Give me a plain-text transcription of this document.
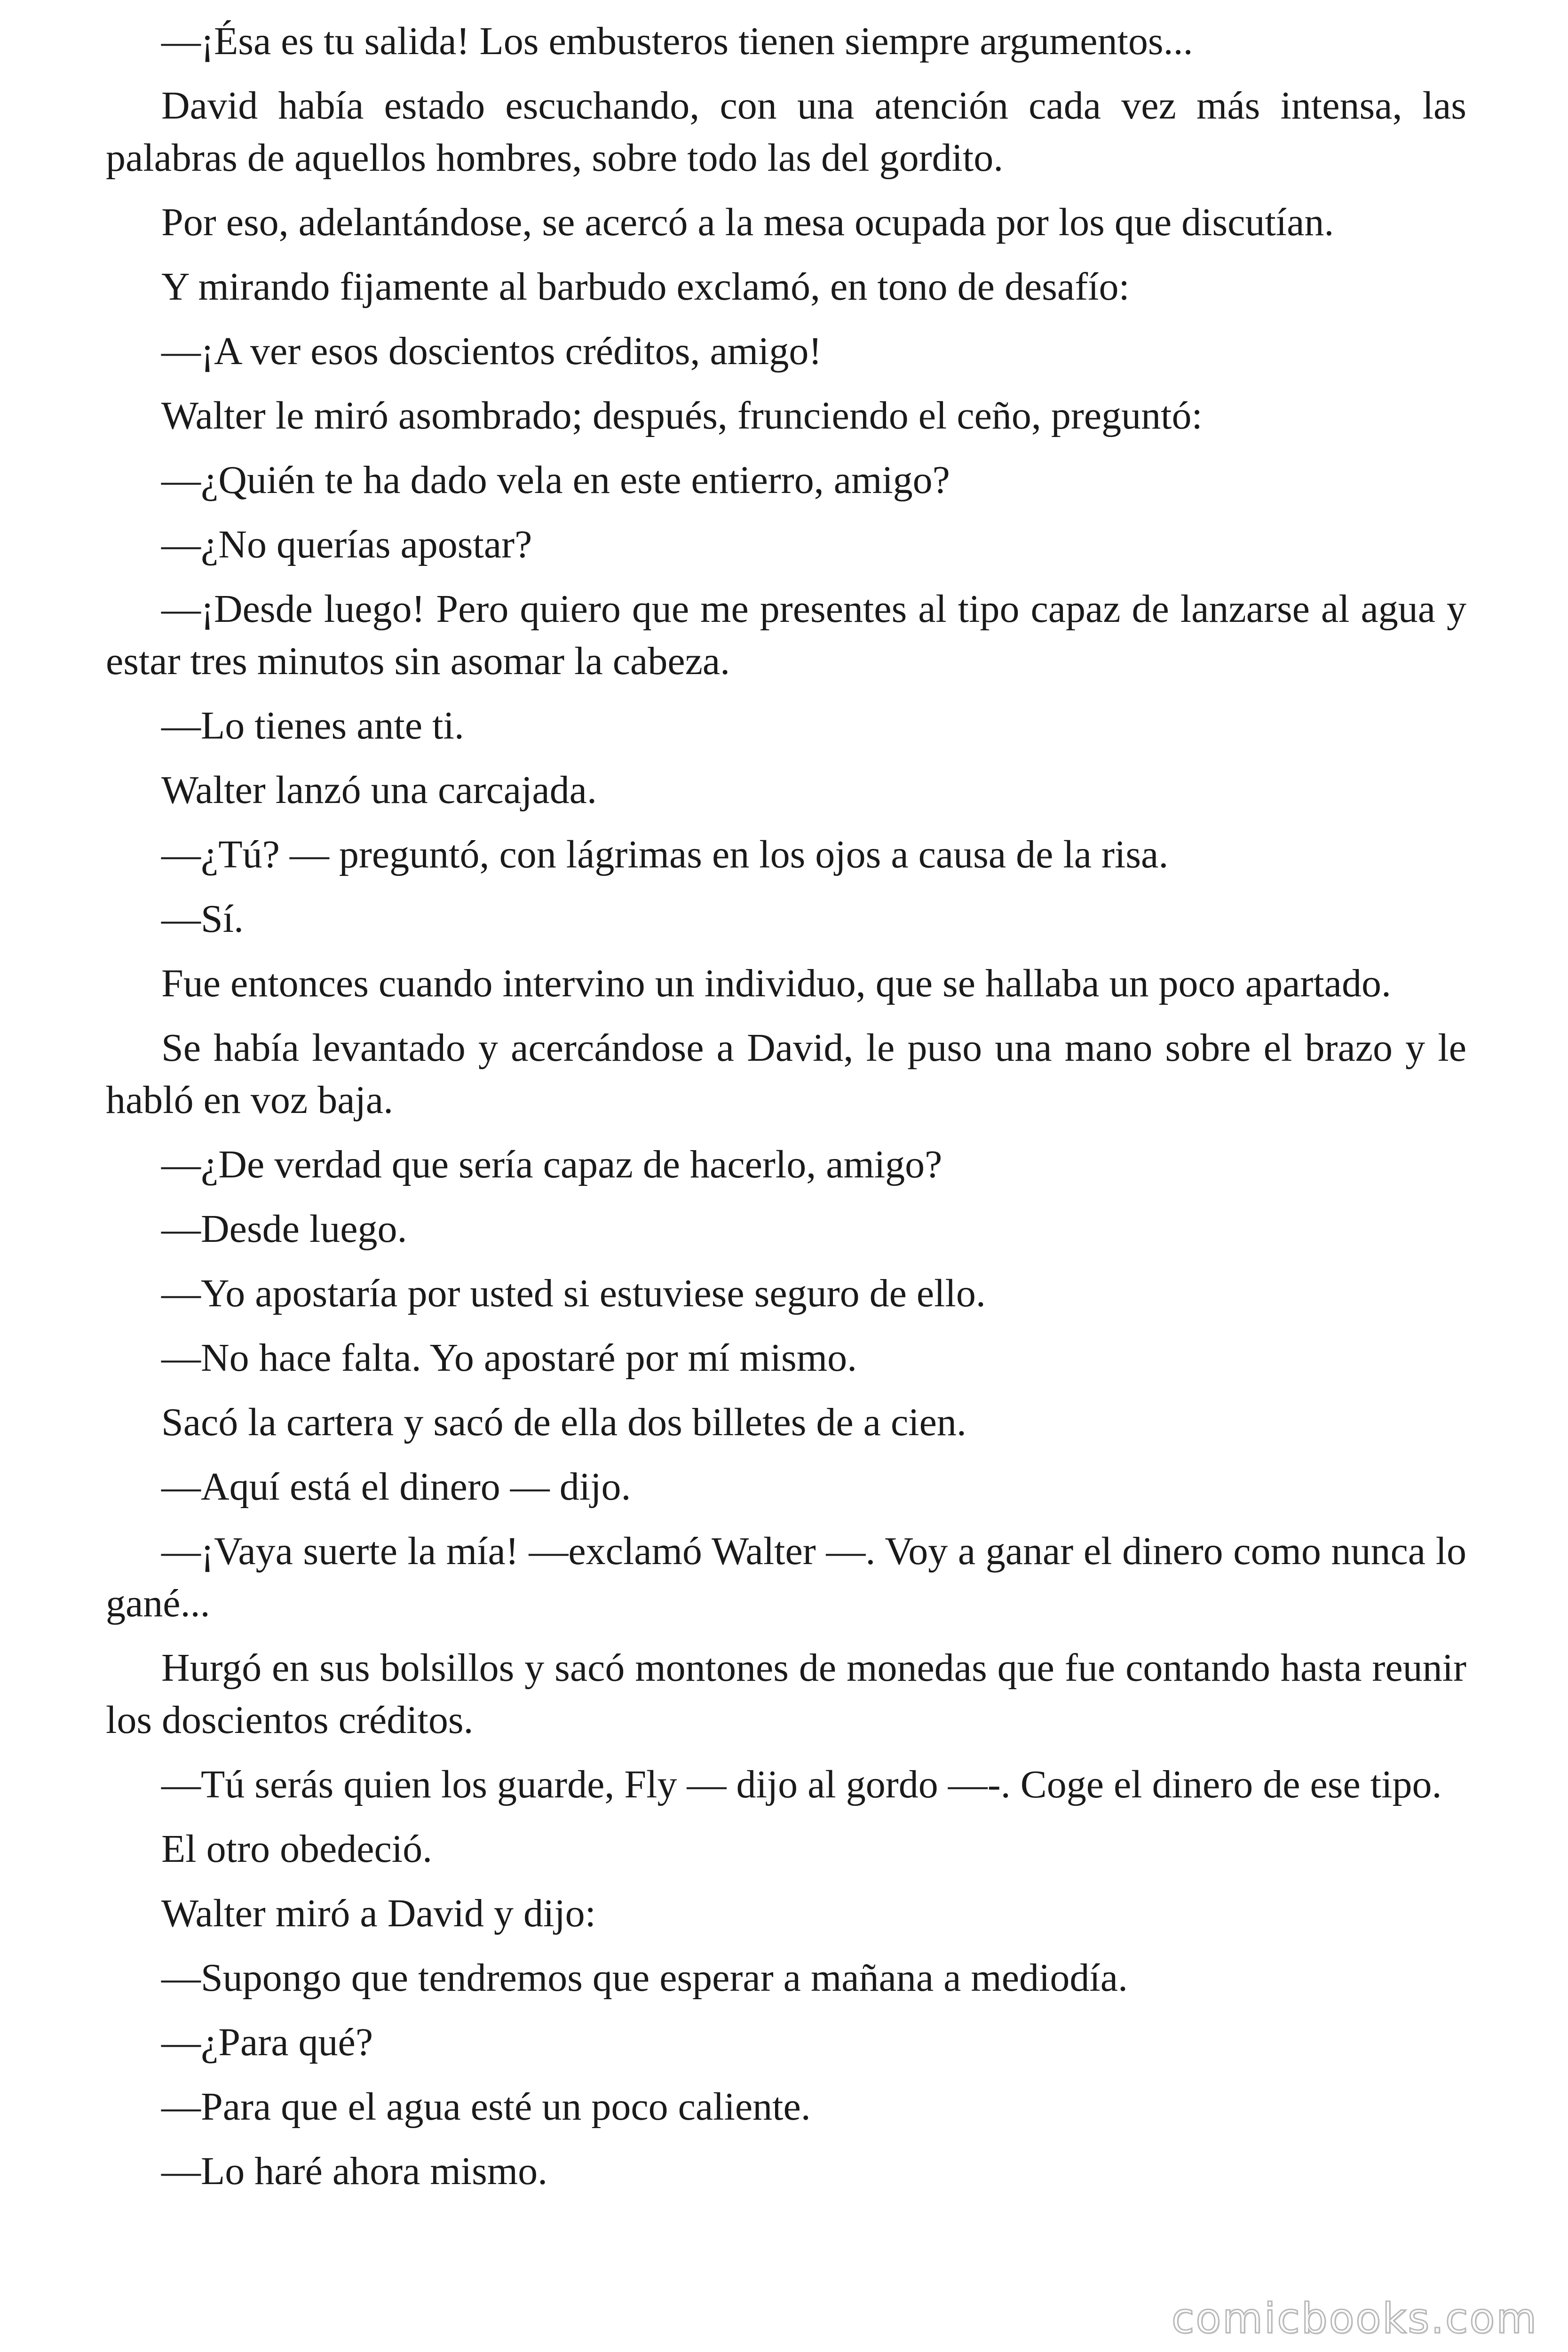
—¡Ésa es tu salida! Los embusteros tienen siempre argumentos...

David había estado escuchando, con una atención cada vez más intensa, las palabras de aquellos hombres, sobre todo las del gordito.

Por eso, adelantándose, se acercó a la mesa ocupada por los que discutían.

Y mirando fijamente al barbudo exclamó, en tono de desafío:

—¡A ver esos doscientos créditos, amigo!

Walter le miró asombrado; después, frunciendo el ceño, preguntó:

—¿Quién te ha dado vela en este entierro, amigo?

—¿No querías apostar?

—¡Desde luego! Pero quiero que me presentes al tipo capaz de lanzarse al agua y estar tres minutos sin asomar la cabeza.

—Lo tienes ante ti.

Walter lanzó una carcajada.

—¿Tú? — preguntó, con lágrimas en los ojos a causa de la risa.

—Sí.

Fue entonces cuando intervino un individuo, que se hallaba un poco apartado.

Se había levantado y acercándose a David, le puso una mano sobre el brazo y le habló en voz baja.

—¿De verdad que sería capaz de hacerlo, amigo?

—Desde luego.

—Yo apostaría por usted si estuviese seguro de ello.

—No hace falta. Yo apostaré por mí mismo.

Sacó la cartera y sacó de ella dos billetes de a cien.

—Aquí está el dinero — dijo.

—¡Vaya suerte la mía! —exclamó Walter —. Voy a ganar el dinero como nunca lo gané...

Hurgó en sus bolsillos y sacó montones de monedas que fue contando hasta reunir los doscientos créditos.

—Tú serás quien los guarde, Fly — dijo al gordo —-. Coge el dinero de ese tipo.

El otro obedeció.

Walter miró a David y dijo:

—Supongo que tendremos que esperar a mañana a mediodía.

—¿Para qué?

—Para que el agua esté un poco caliente.

—Lo haré ahora mismo.

comicbooks.com
